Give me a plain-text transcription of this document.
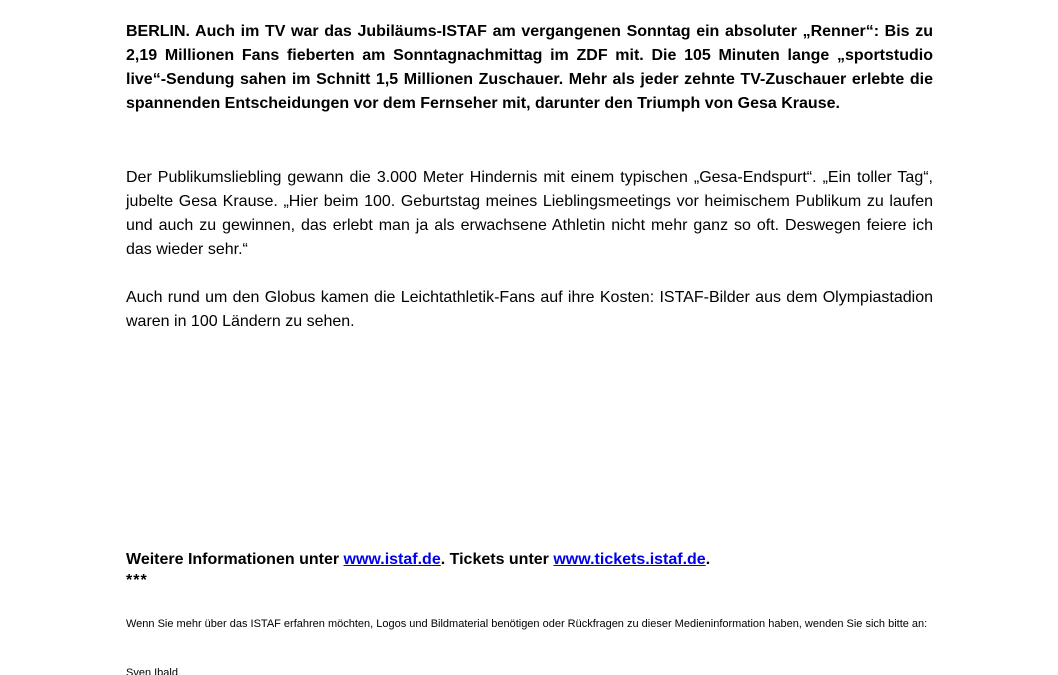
BERLIN. Auch im TV war das Jubiläums-ISTAF am vergangenen Sonntag ein absoluter „Renner“: Bis zu 2,19 Millionen Fans fieberten am Sonntagnachmittag im ZDF mit. Die 105 Minuten lange „sportstudio live“-Sendung sahen im Schnitt 1,5 Millionen Zuschauer. Mehr als jeder zehnte TV-Zuschauer erlebte die spannenden Entscheidungen vor dem Fernseher mit, darunter den Triumph von Gesa Krause.

Der Publikumsliebling gewann die 3.000 Meter Hindernis mit einem typischen „Gesa-Endspurt“. „Ein toller Tag“, jubelte Gesa Krause. „Hier beim 100. Geburtstag meines Lieblingsmeetings vor heimischem Publikum zu laufen und auch zu gewinnen, das erlebt man ja als erwachsene Athletin nicht mehr ganz so oft. Deswegen feiere ich das wieder sehr.“

Auch rund um den Globus kamen die Leichtathletik-Fans auf ihre Kosten: ISTAF-Bilder aus dem Olympiastadion waren in 100 Ländern zu sehen.

Weitere Informationen unter www.istaf.de. Tickets unter www.tickets.istaf.de.

***

Wenn Sie mehr über das ISTAF erfahren möchten, Logos und Bildmaterial benötigen oder Rückfragen zu dieser Medieninformation haben, wenden Sie sich bitte an:

Sven Ibald
